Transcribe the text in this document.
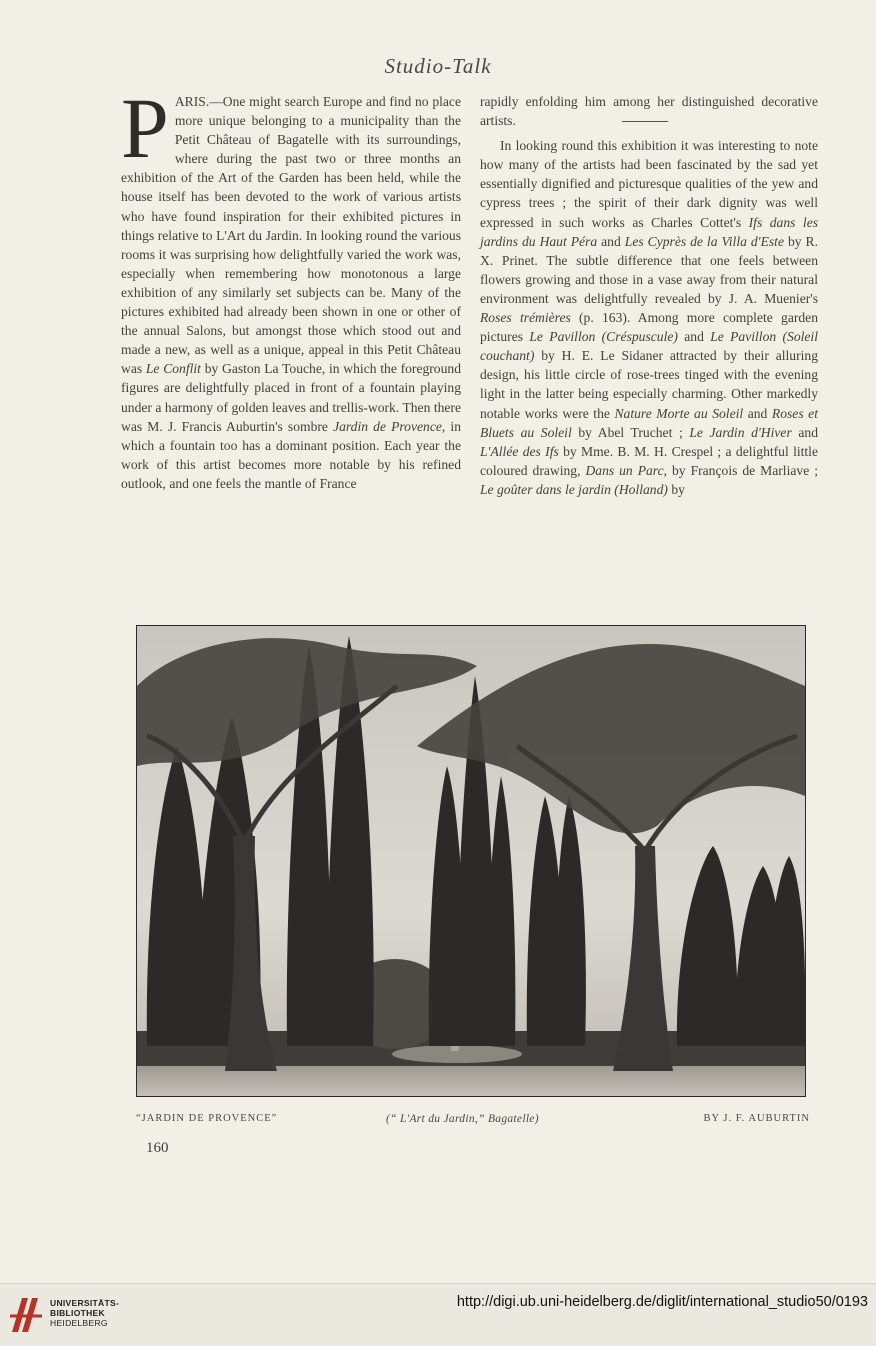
Studio-Talk

PARIS.—One might search Europe and find no place more unique belonging to a municipality than the Petit Château of Bagatelle with its surroundings, where during the past two or three months an exhibition of the Art of the Garden has been held, while the house itself has been devoted to the work of various artists who have found inspiration for their exhibited pictures in things relative to L'Art du Jardin. In looking round the various rooms it was surprising how delightfully varied the work was, especially when remembering how monotonous a large exhibition of any similarly set subjects can be. Many of the pictures exhibited had already been shown in one or other of the annual Salons, but amongst those which stood out and made a new, as well as a unique, appeal in this Petit Château was Le Conflit by Gaston La Touche, in which the foreground figures are delightfully placed in front of a fountain playing under a harmony of golden leaves and trellis-work. Then there was M. J. Francis Auburtin's sombre Jardin de Provence, in which a fountain too has a dominant position. Each year the work of this artist becomes more notable by his refined outlook, and one feels the mantle of France

rapidly enfolding him among her distinguished decorative artists.

In looking round this exhibition it was interesting to note how many of the artists had been fascinated by the sad yet essentially dignified and picturesque qualities of the yew and cypress trees ; the spirit of their dark dignity was well expressed in such works as Charles Cottet's Ifs dans les jardins du Haut Péra and Les Cyprès de la Villa d'Este by R. X. Prinet. The subtle difference that one feels between flowers growing and those in a vase away from their natural environment was delightfully revealed by J. A. Muenier's Roses trémières (p. 163). Among more complete garden pictures Le Pavillon (Créspuscule) and Le Pavillon (Soleil couchant) by H. E. Le Sidaner attracted by their alluring design, his little circle of rose-trees tinged with the evening light in the latter being especially charming. Other markedly notable works were the Nature Morte au Soleil and Roses et Bluets au Soleil by Abel Truchet ; Le Jardin d'Hiver and L'Allée des Ifs by Mme. B. M. H. Crespel ; a delightful little coloured drawing, Dans un Parc, by François de Marliave ; Le goûter dans le jardin (Holland) by

“JARDIN DE PROVENCE”	(“ L'Art du Jardin,” Bagatelle)	BY J. F. AUBURTIN
160
UNIVERSITÄTS-
BIBLIOTHEK
HEIDELBERG
http://digi.ub.uni-heidelberg.de/diglit/international_studio50/0193
